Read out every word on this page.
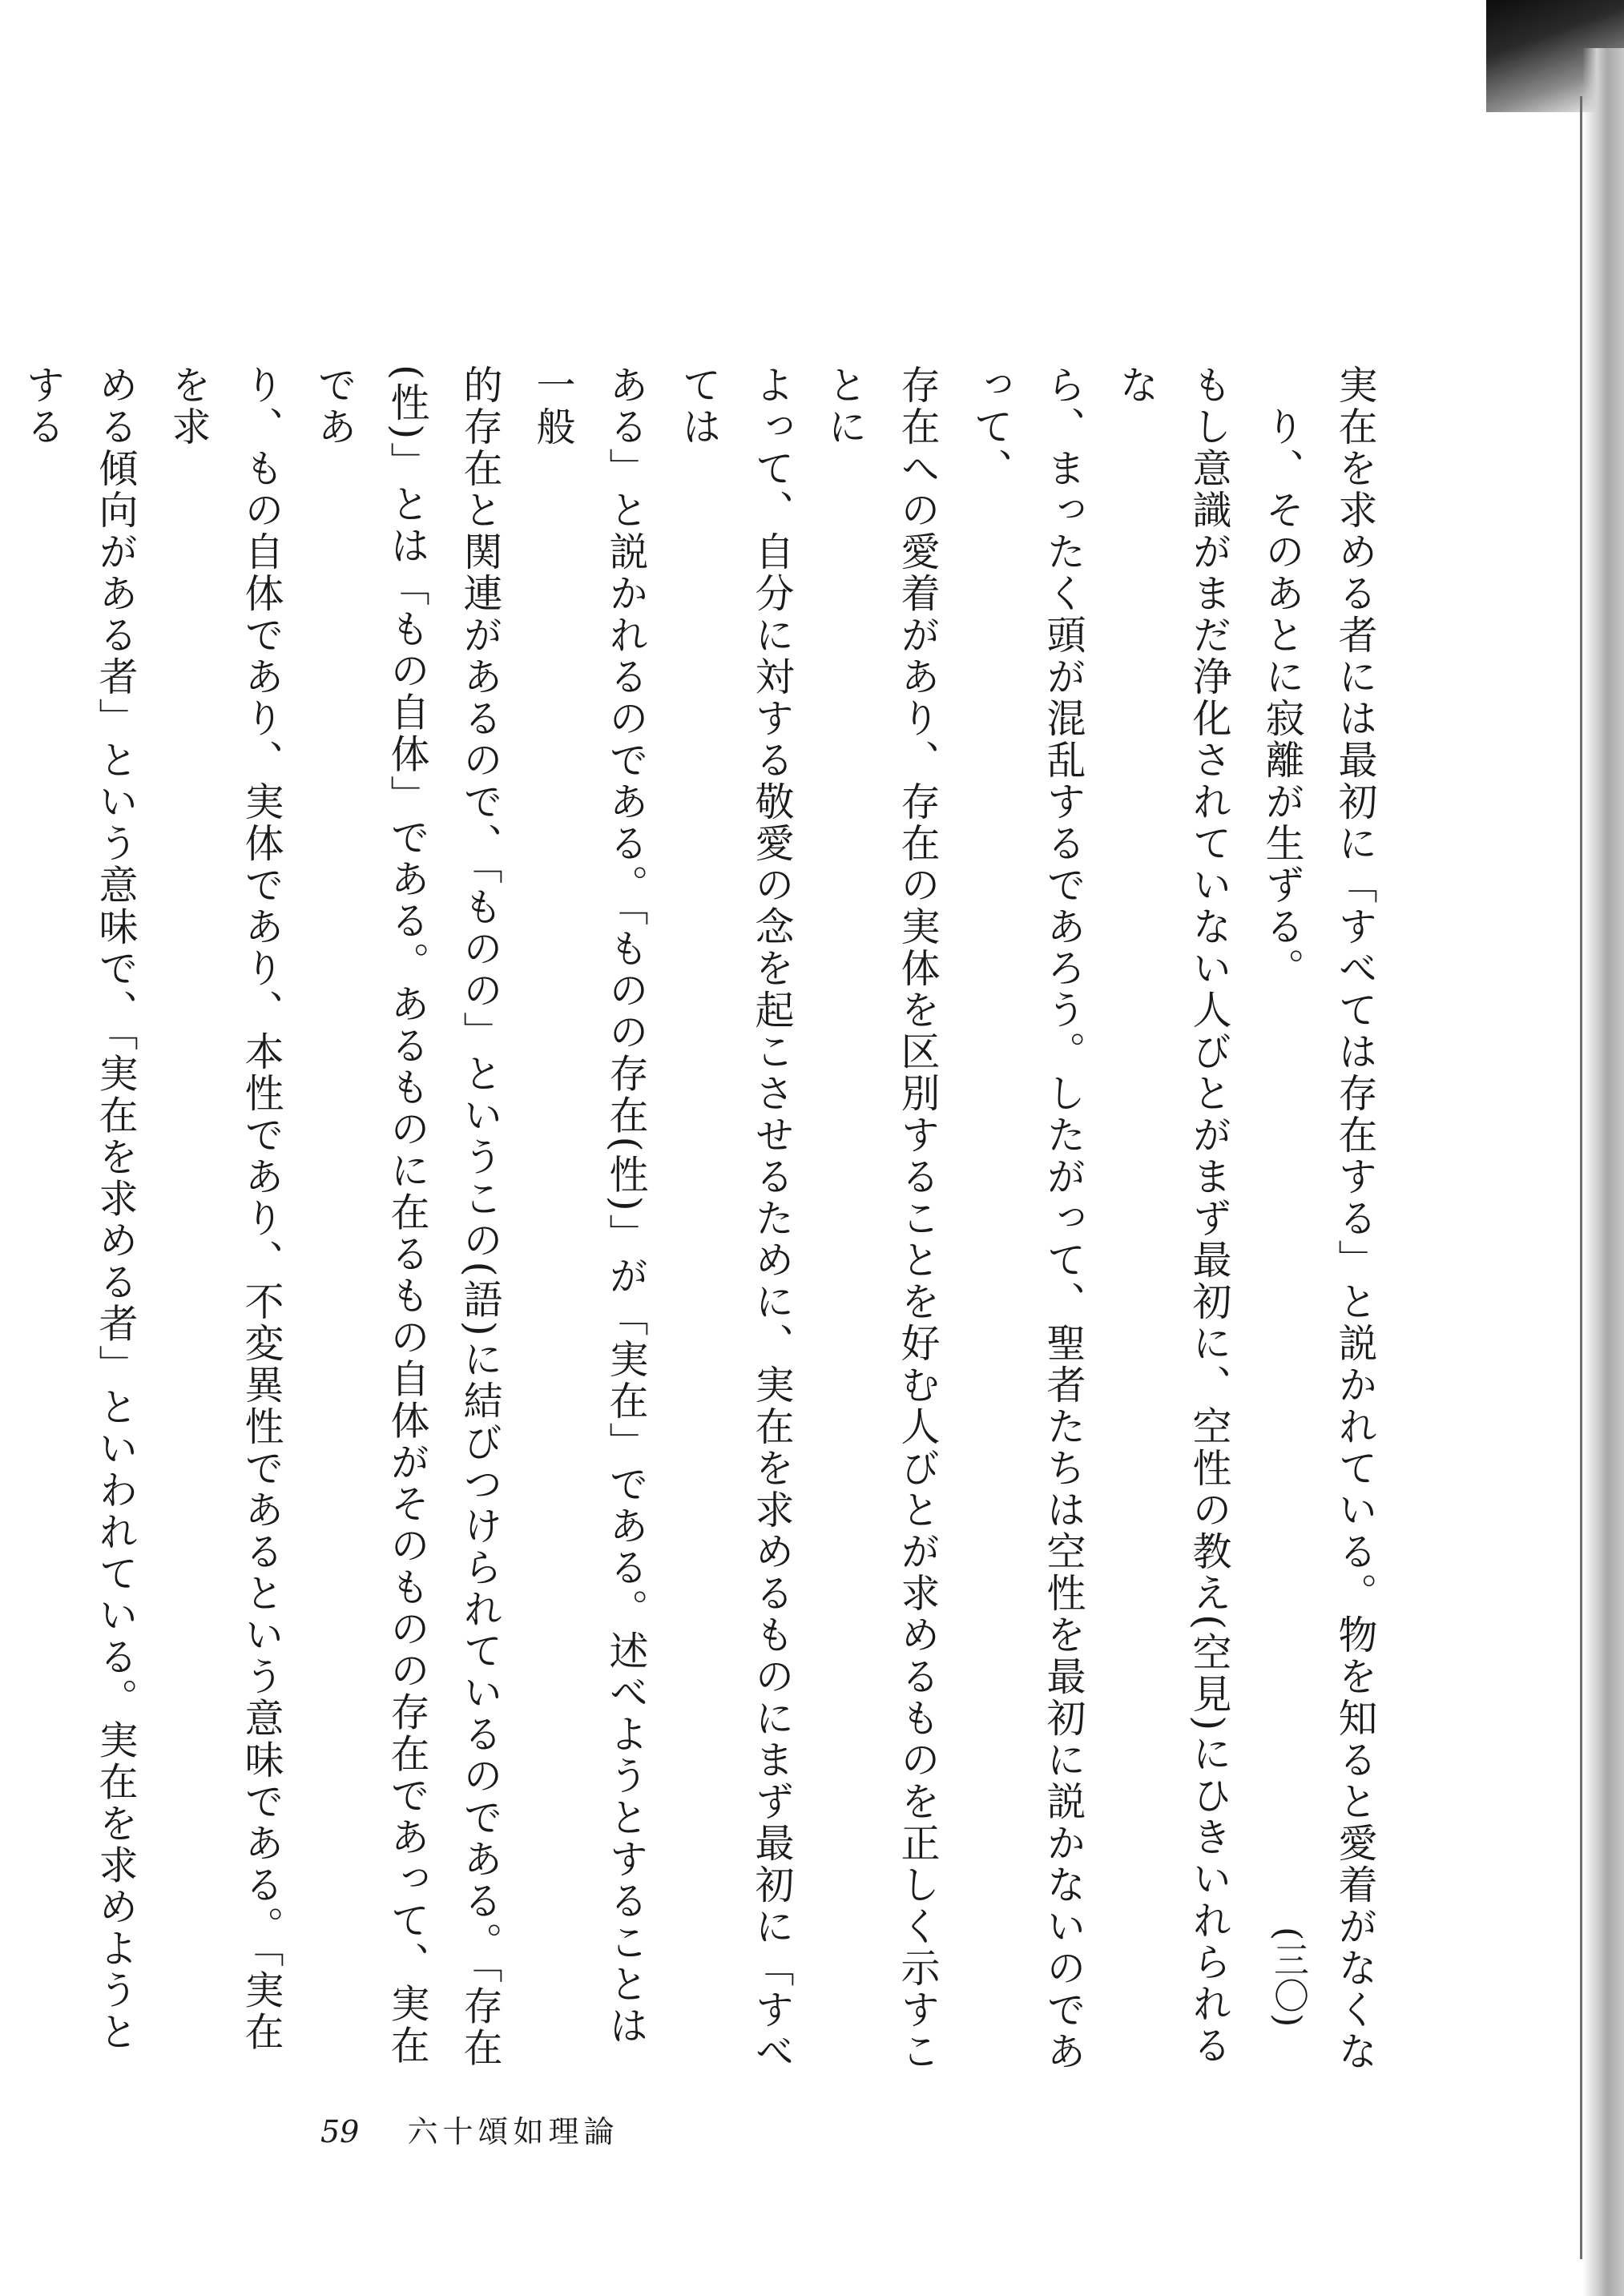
実在を求める者には最初に「すべては存在する」と説かれている。物を知ると愛着がなくな
り、そのあとに寂離が生ずる。
もし意識がまだ浄化されていない人びとがまず最初に、空性の教え(空見)にひきいれられるな
ら、まったく頭が混乱するであろう。したがって、聖者たちは空性を最初に説かないのであって、
存在への愛着があり、存在の実体を区別することを好む人びとが求めるものを正しく示すことに
よって、自分に対する敬愛の念を起こさせるために、実在を求めるものにまず最初に「すべては
ある」と説かれるのである。「ものの存在(性)」が「実在」である。述べようとすることは一般
的存在と関連があるので、「ものの」というこの(語)に結びつけられているのである。「存在
(性)」とは「もの自体」である。あるものに在るもの自体がそのものの存在であって、実在であ
り、もの自体であり、実体であり、本性であり、不変異性であるという意味である。「実在を求
める傾向がある者」という意味で、「実在を求める者」といわれている。実在を求めようとする
(三〇)
59 六十頌如理論
